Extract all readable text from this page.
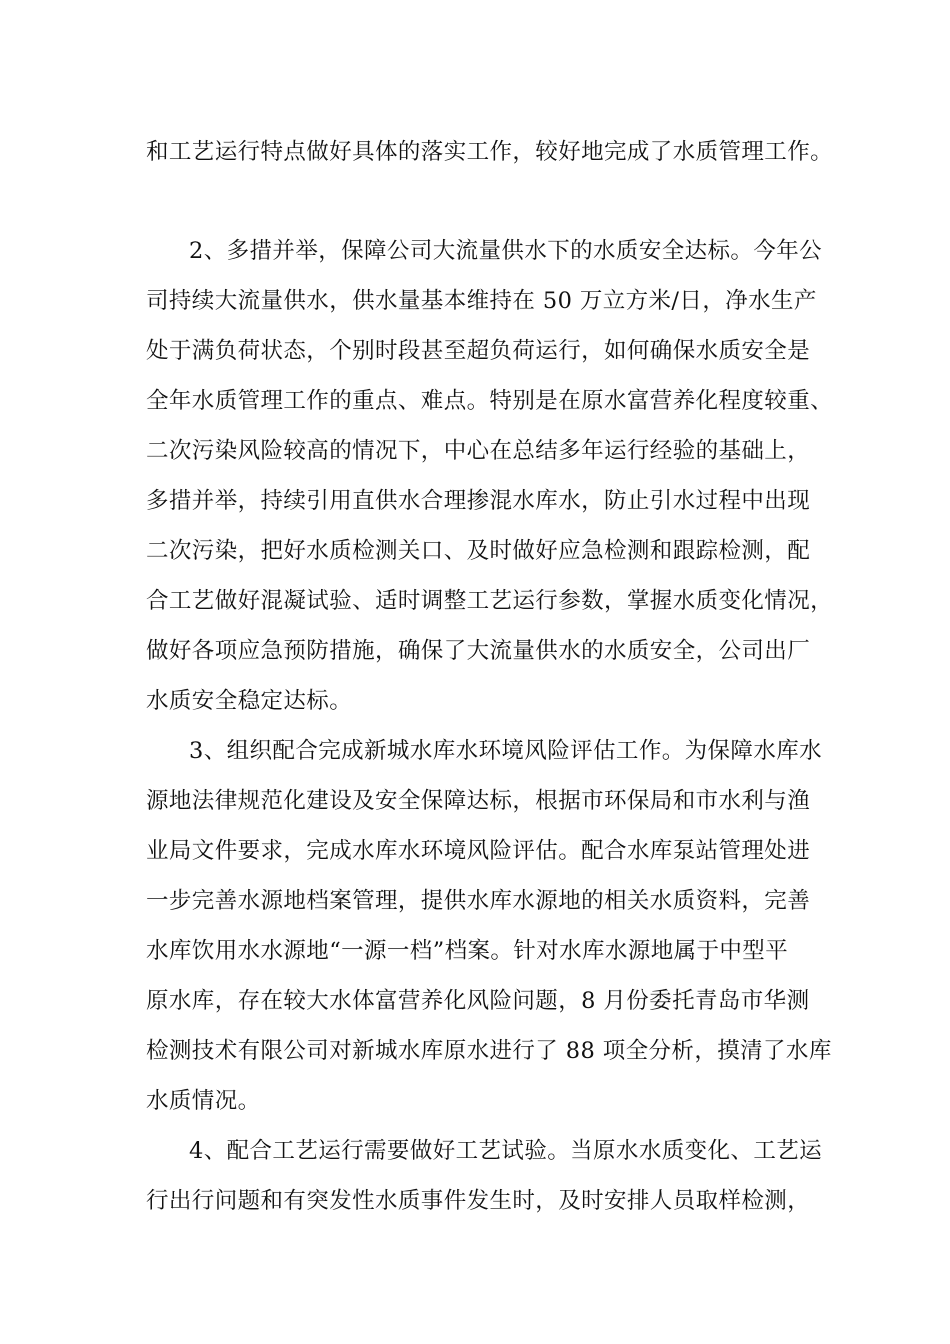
和工艺运行特点做好具体的落实工作，较好地完成了水质管理工作。
2、多措并举，保障公司大流量供水下的水质安全达标。今年公
司持续大流量供水，供水量基本维持在 50 万立方米/日，净水生产
处于满负荷状态，个别时段甚至超负荷运行，如何确保水质安全是
全年水质管理工作的重点、难点。特别是在原水富营养化程度较重、
二次污染风险较高的情况下，中心在总结多年运行经验的基础上，
多措并举，持续引用直供水合理掺混水库水，防止引水过程中出现
二次污染，把好水质检测关口、及时做好应急检测和跟踪检测，配
合工艺做好混凝试验、适时调整工艺运行参数，掌握水质变化情况，
做好各项应急预防措施，确保了大流量供水的水质安全，公司出厂
水质安全稳定达标。
3、组织配合完成新城水库水环境风险评估工作。为保障水库水
源地法律规范化建设及安全保障达标，根据市环保局和市水利与渔
业局文件要求，完成水库水环境风险评估。配合水库泵站管理处进
一步完善水源地档案管理，提供水库水源地的相关水质资料，完善
水库饮用水水源地“一源一档”档案。针对水库水源地属于中型平
原水库，存在较大水体富营养化风险问题，8 月份委托青岛市华测
检测技术有限公司对新城水库原水进行了 88 项全分析，摸清了水库
水质情况。
4、配合工艺运行需要做好工艺试验。当原水水质变化、工艺运
行出行问题和有突发性水质事件发生时，及时安排人员取样检测，
